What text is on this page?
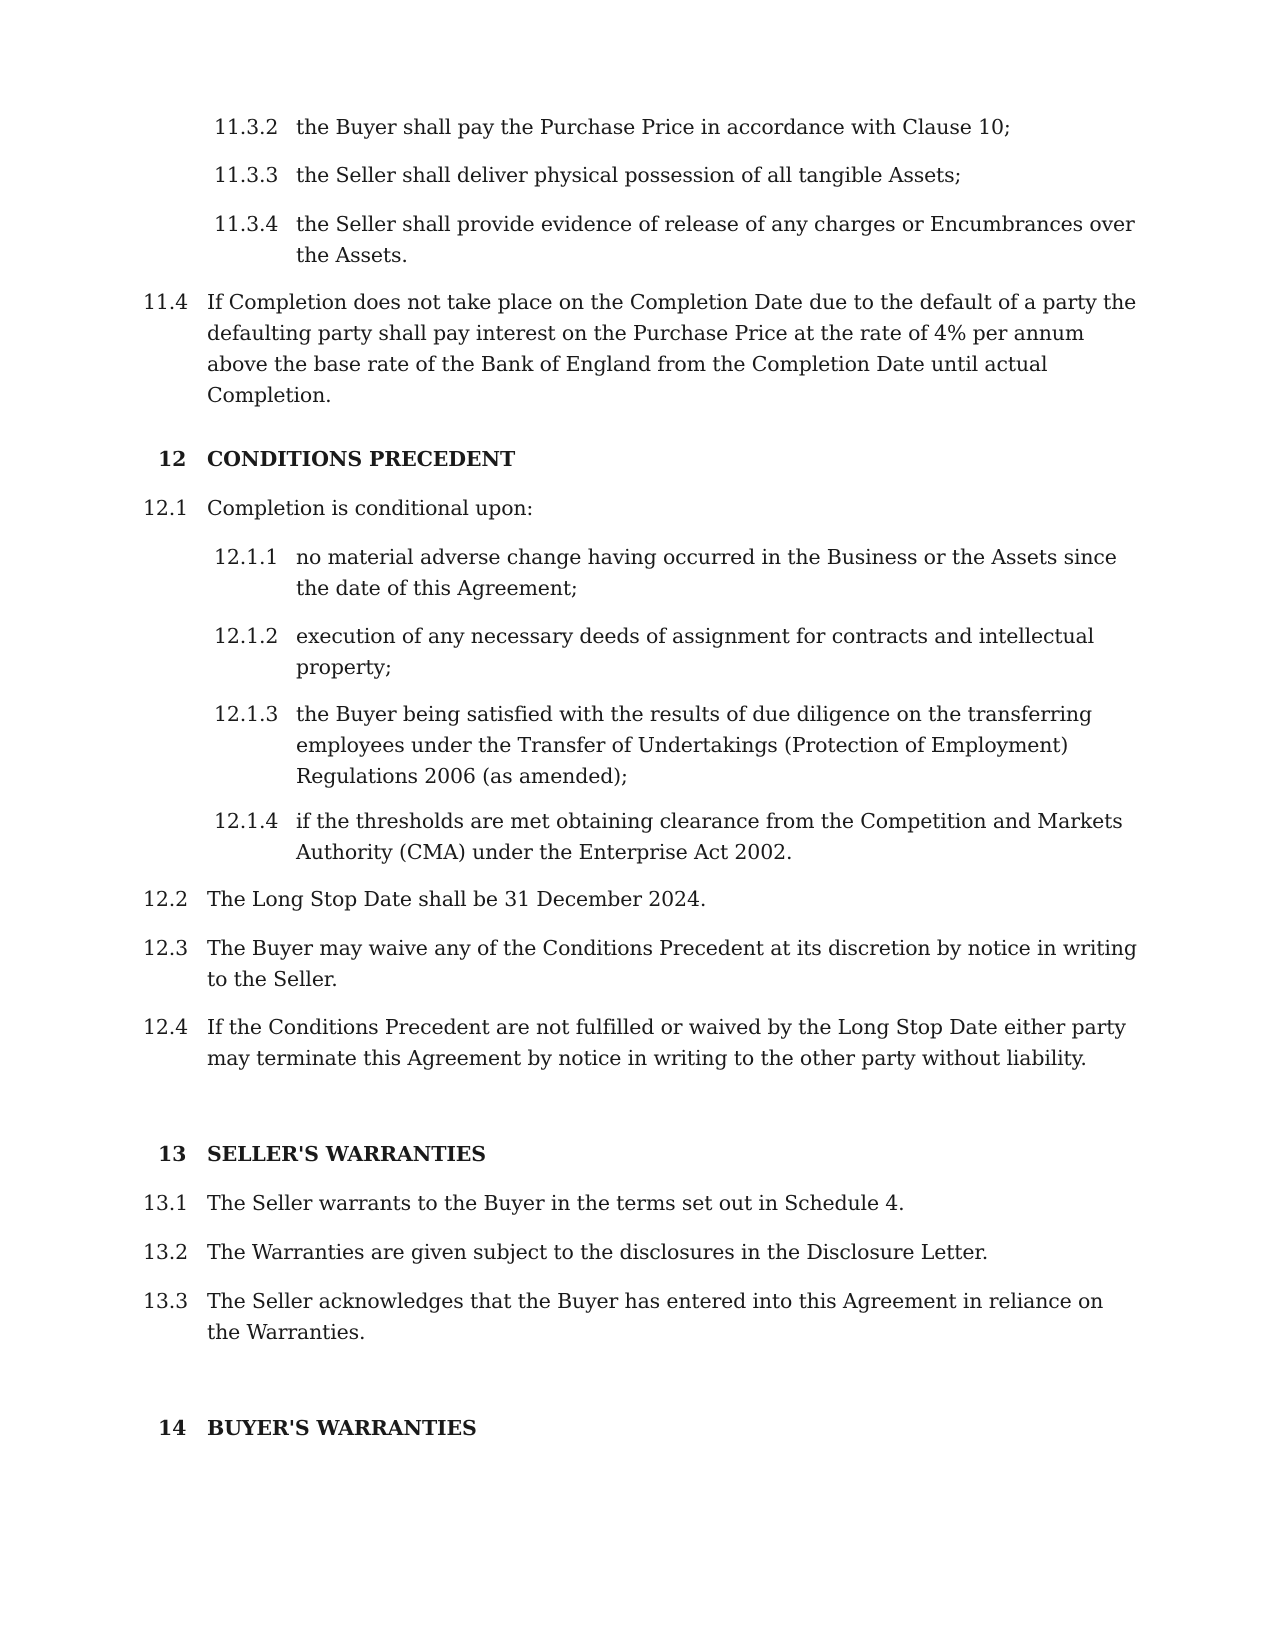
11.3.2 the Buyer shall pay the Purchase Price in accordance with Clause 10;
11.3.3 the Seller shall deliver physical possession of all tangible Assets;
11.3.4 the Seller shall provide evidence of release of any charges or Encumbrances over the Assets.
11.4 If Completion does not take place on the Completion Date due to the default of a party the defaulting party shall pay interest on the Purchase Price at the rate of 4% per annum above the base rate of the Bank of England from the Completion Date until actual Completion.
12 CONDITIONS PRECEDENT
12.1 Completion is conditional upon:
12.1.1 no material adverse change having occurred in the Business or the Assets since the date of this Agreement;
12.1.2 execution of any necessary deeds of assignment for contracts and intellectual property;
12.1.3 the Buyer being satisfied with the results of due diligence on the transferring employees under the Transfer of Undertakings (Protection of Employment) Regulations 2006 (as amended);
12.1.4 if the thresholds are met obtaining clearance from the Competition and Markets Authority (CMA) under the Enterprise Act 2002.
12.2 The Long Stop Date shall be 31 December 2024.
12.3 The Buyer may waive any of the Conditions Precedent at its discretion by notice in writing to the Seller.
12.4 If the Conditions Precedent are not fulfilled or waived by the Long Stop Date either party may terminate this Agreement by notice in writing to the other party without liability.
13 SELLER'S WARRANTIES
13.1 The Seller warrants to the Buyer in the terms set out in Schedule 4.
13.2 The Warranties are given subject to the disclosures in the Disclosure Letter.
13.3 The Seller acknowledges that the Buyer has entered into this Agreement in reliance on the Warranties.
14 BUYER'S WARRANTIES
